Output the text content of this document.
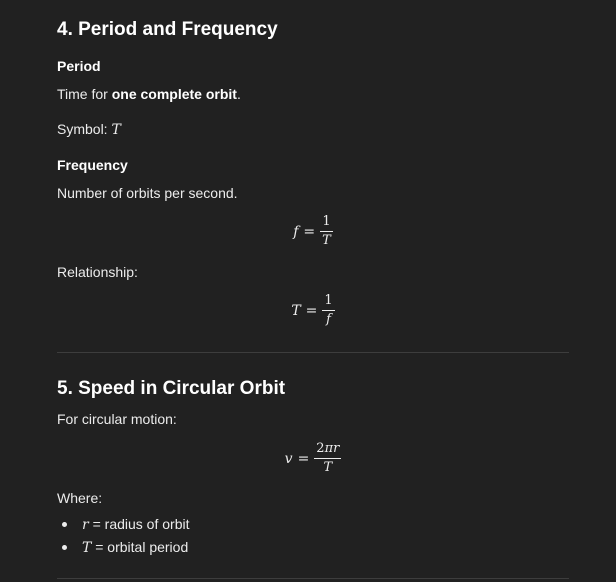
4. Period and Frequency
Period
Time for one complete orbit.
Symbol: T
Frequency
Number of orbits per second.
$f = \frac{1}{T}$
Relationship:
$T = \frac{1}{f}$
5. Speed in Circular Orbit
For circular motion:
$v = \frac{2\pi r}{T}$
Where:
r = radius of orbit
T = orbital period
